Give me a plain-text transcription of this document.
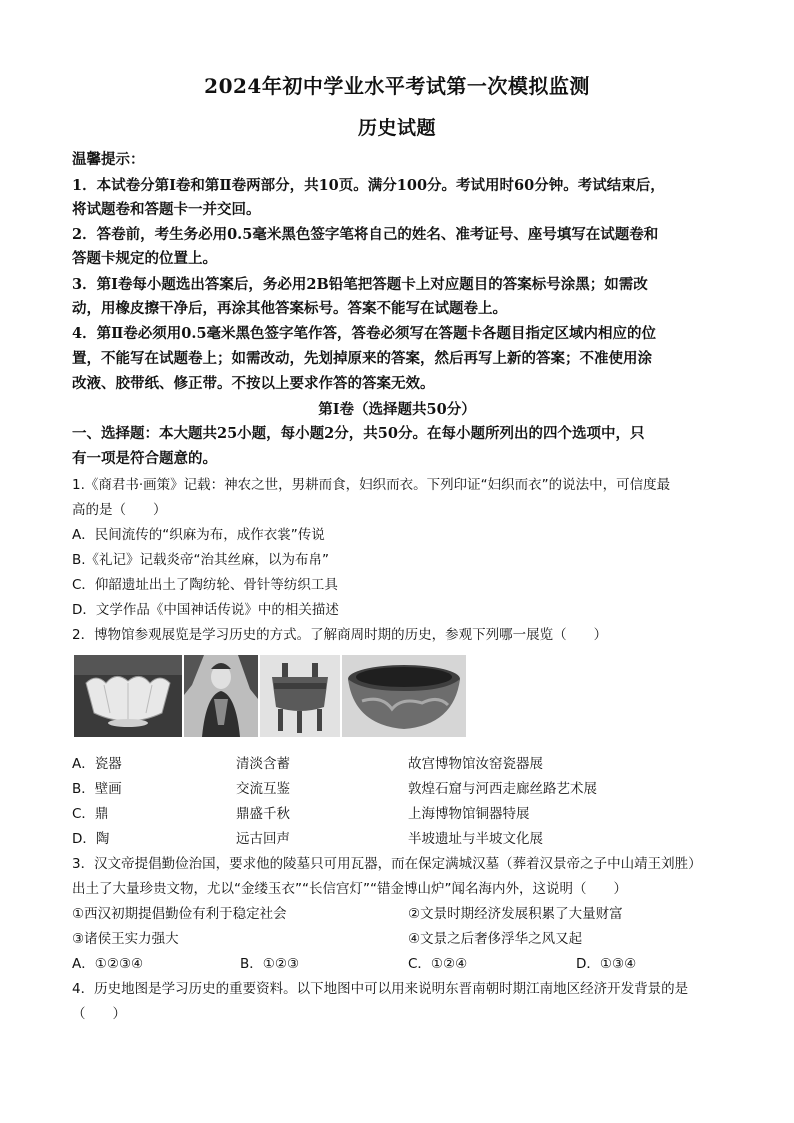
2024年初中学业水平考试第一次模拟监测
历史试题
温馨提示：
1．本试卷分第Ⅰ卷和第Ⅱ卷两部分，共10页。满分100分。考试用时60分钟。考试结束后，
将试题卷和答题卡一并交回。
2．答卷前，考生务必用0.5毫米黑色签字笔将自己的姓名、准考证号、座号填写在试题卷和
答题卡规定的位置上。
3．第Ⅰ卷每小题选出答案后，务必用2B铅笔把答题卡上对应题目的答案标号涂黑；如需改
动，用橡皮擦干净后，再涂其他答案标号。答案不能写在试题卷上。
4．第Ⅱ卷必须用0.5毫米黑色签字笔作答，答卷必须写在答题卡各题目指定区域内相应的位
置，不能写在试题卷上；如需改动，先划掉原来的答案，然后再写上新的答案；不准使用涂
改液、胶带纸、修正带。不按以上要求作答的答案无效。
第Ⅰ卷（选择题共50分）
一、选择题：本大题共25小题，每小题2分，共50分。在每小题所列出的四个选项中，只
有一项是符合题意的。
1.《商君书·画策》记载：神农之世，男耕而食，妇织而衣。下列印证“妇织而衣”的说法中，可信度最
高的是（　　）
A．民间流传的“织麻为布，成作衣裳”传说
B.《礼记》记载炎帝“治其丝麻，以为布帛”
C．仰韶遗址出土了陶纺轮、骨针等纺织工具
D．文学作品《中国神话传说》中的相关描述
2．博物馆参观展览是学习历史的方式。了解商周时期的历史，参观下列哪一展览（　　）
A．瓷器	清淡含蓄	故宫博物馆汝窑瓷器展
B．壁画	交流互鉴	敦煌石窟与河西走廊丝路艺术展
C．鼎	鼎盛千秋	上海博物馆铜器特展
D．陶	远古回声	半坡遗址与半坡文化展
3．汉文帝提倡勤俭治国，要求他的陵墓只可用瓦器，而在保定满城汉墓（葬着汉景帝之子中山靖王刘胜）
出土了大量珍贵文物，尤以“金缕玉衣”“长信宫灯”“错金博山炉”闻名海内外，这说明（　　）
①西汉初期提倡勤俭有利于稳定社会	②文景时期经济发展积累了大量财富
③诸侯王实力强大	④文景之后奢侈浮华之风又起
A．①②③④	B．①②③	C．①②④	D．①③④
4．历史地图是学习历史的重要资料。以下地图中可以用来说明东晋南朝时期江南地区经济开发背景的是
（　　）
